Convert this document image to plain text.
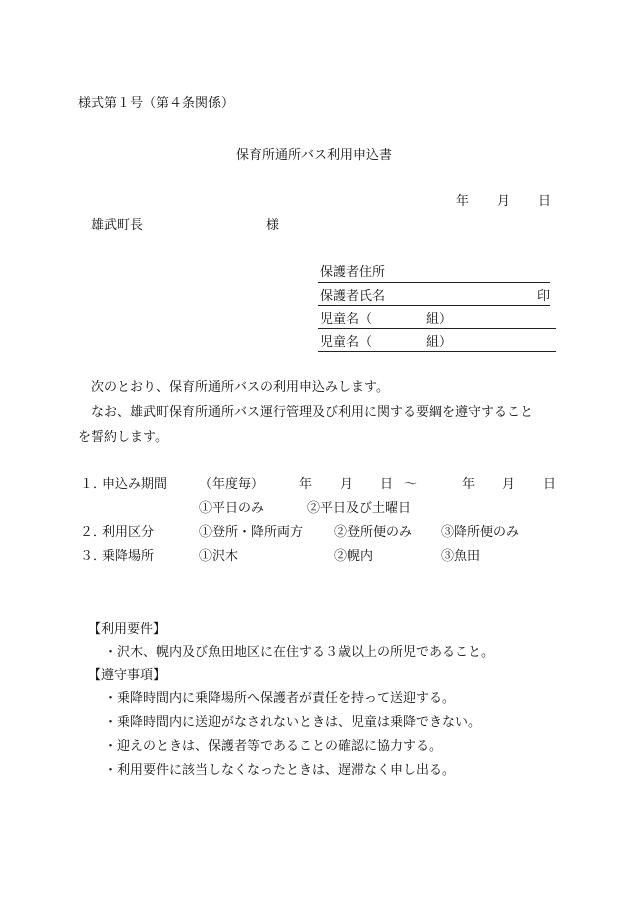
様式第１号（第４条関係）
保育所通所バス利用申込書
年 月 日
雄武町長	様
保護者住所
保護者氏名	印
児童名（	組）
児童名（	組）
次のとおり、保育所通所バスの利用申込みします。
なお、雄武町保育所通所バス運行管理及び利用に関する要綱を遵守すること
を誓約します。
１．
申込み期間 （年度毎）	年 月 日 ～	年 月 日
①平日のみ	②平日及び土曜日
２．
利用区分	①登所・降所両方 ②登所便のみ ③降所便のみ
３．
乗降場所	①沢木	②幌内	③魚田
【利用要件】
・沢木、幌内及び魚田地区に在住する３歳以上の所児であること。
【遵守事項】
・乗降時間内に乗降場所へ保護者が責任を持って送迎する。
・乗降時間内に送迎がなされないときは、児童は乗降できない。
・迎えのときは、保護者等であることの確認に協力する。
・利用要件に該当しなくなったときは、遅滞なく申し出る。
